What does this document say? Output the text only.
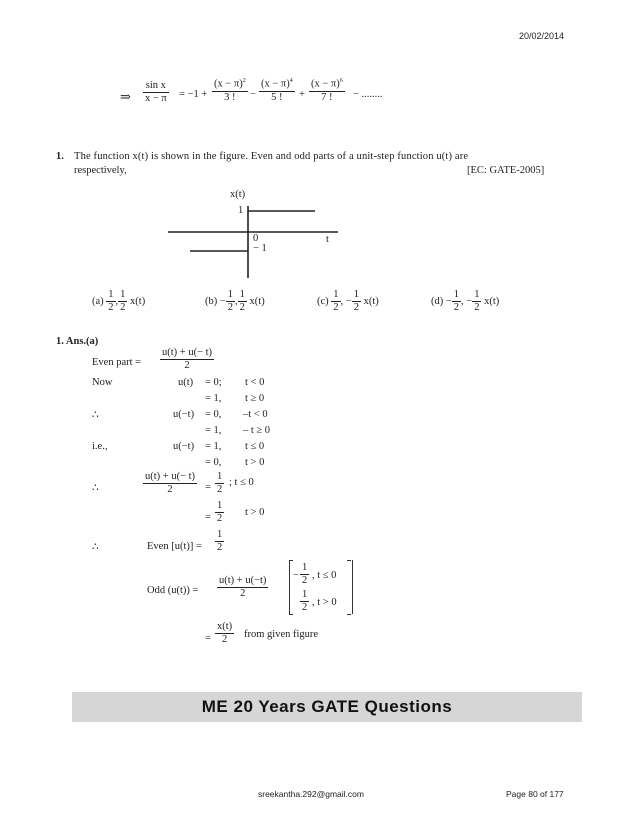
20/02/2014
⇒ $\frac{\text{sin x}}{x - \pi} = -1 + \frac{(x - \pi)^2}{3 !} - \frac{(x - \pi)^4}{5 !} + \frac{(x - \pi)^6}{7 !}$ − ........
1. The function x(t) is shown in the figure. Even and odd parts of a unit-step function u(t) are
respectively,	[EC: GATE-2005]
x(t)
1
0	t
− 1
$(a) \frac{1}{2}$ , $\frac{1}{2} x(t)$	$(b) - \frac{1}{2}$ , $\frac{1}{2} x(t)$	$(c) \frac{1}{2}$ , − $\frac{1}{2} x(t)$	$(d) - \frac{1}{2}$ , − $\frac{1}{2} x(t)$
1. Ans.(a)
Even part = $\frac{u(t) + u(- t)}{2}$
Now	u(t) = 0; t < 0
= 1, t ≥ 0
∴	u(−t) = 0, –t < 0
= 1, – t ≥ 0
i.e.,	u(−t) = 1, t ≤ 0
= 0, t > 0
∴	$\frac{u(t) + u(- t)}{2} = \frac{1}{2}$ ; t ≤ 0
= $\frac{1}{2}$ t > 0
∴	Even $[u(t)] = \frac{1}{2}$
Odd $(u(t)) = \frac{u(t) + u(-t)}{2} - \frac{1}{2}$ , t ≤ 0
$\frac{1}{2}$ , t > 0
= $\frac{x(t)}{2}$ from given figure
ME 20 Years GATE Questions
sreekantha.292@gmail.com	Page 80 of 177
